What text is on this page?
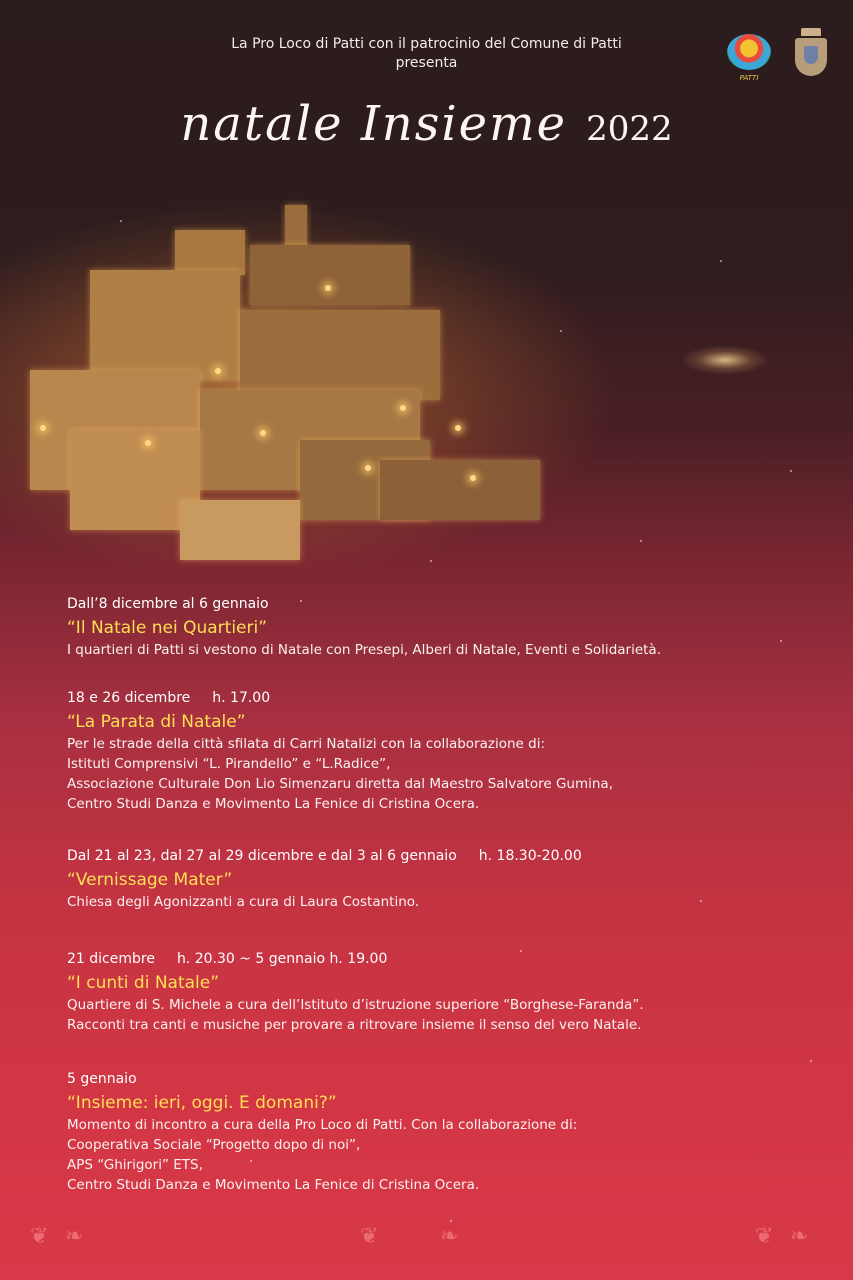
La Pro Loco di Patti con il patrocinio del Comune di Patti
presenta
PATTI
natale Insieme 2022
Dall’8 dicembre al 6 gennaio
“Il Natale nei Quartieri”
I quartieri di Patti si vestono di Natale con Presepi, Alberi di Natale, Eventi e Solidarietà.
18 e 26 dicembre h. 17.00
“La Parata di Natale”
Per le strade della città sfilata di Carri Natalizi con la collaborazione di:
Istituti Comprensivi “L. Pirandello” e “L.Radice”,
Associazione Culturale Don Lio Simenzaru diretta dal Maestro Salvatore Gumina,
Centro Studi Danza e Movimento La Fenice di Cristina Ocera.
Dal 21 al 23, dal 27 al 29 dicembre e dal 3 al 6 gennaio h. 18.30-20.00
“Vernissage Mater”
Chiesa degli Agonizzanti a cura di Laura Costantino.
21 dicembre h. 20.30 ~ 5 gennaio h. 19.00
“I cunti di Natale”
Quartiere di S. Michele a cura dell’Istituto d’istruzione superiore “Borghese-Faranda”.
Racconti tra canti e musiche per provare a ritrovare insieme il senso del vero Natale.
5 gennaio
“Insieme: ieri, oggi. E domani?”
Momento di incontro a cura della Pro Loco di Patti. Con la collaborazione di:
Cooperativa Sociale “Progetto dopo di noi”,
APS “Ghirigori” ETS,
Centro Studi Danza e Movimento La Fenice di Cristina Ocera.
❦ ❧	❦	❧	❦ ❧
